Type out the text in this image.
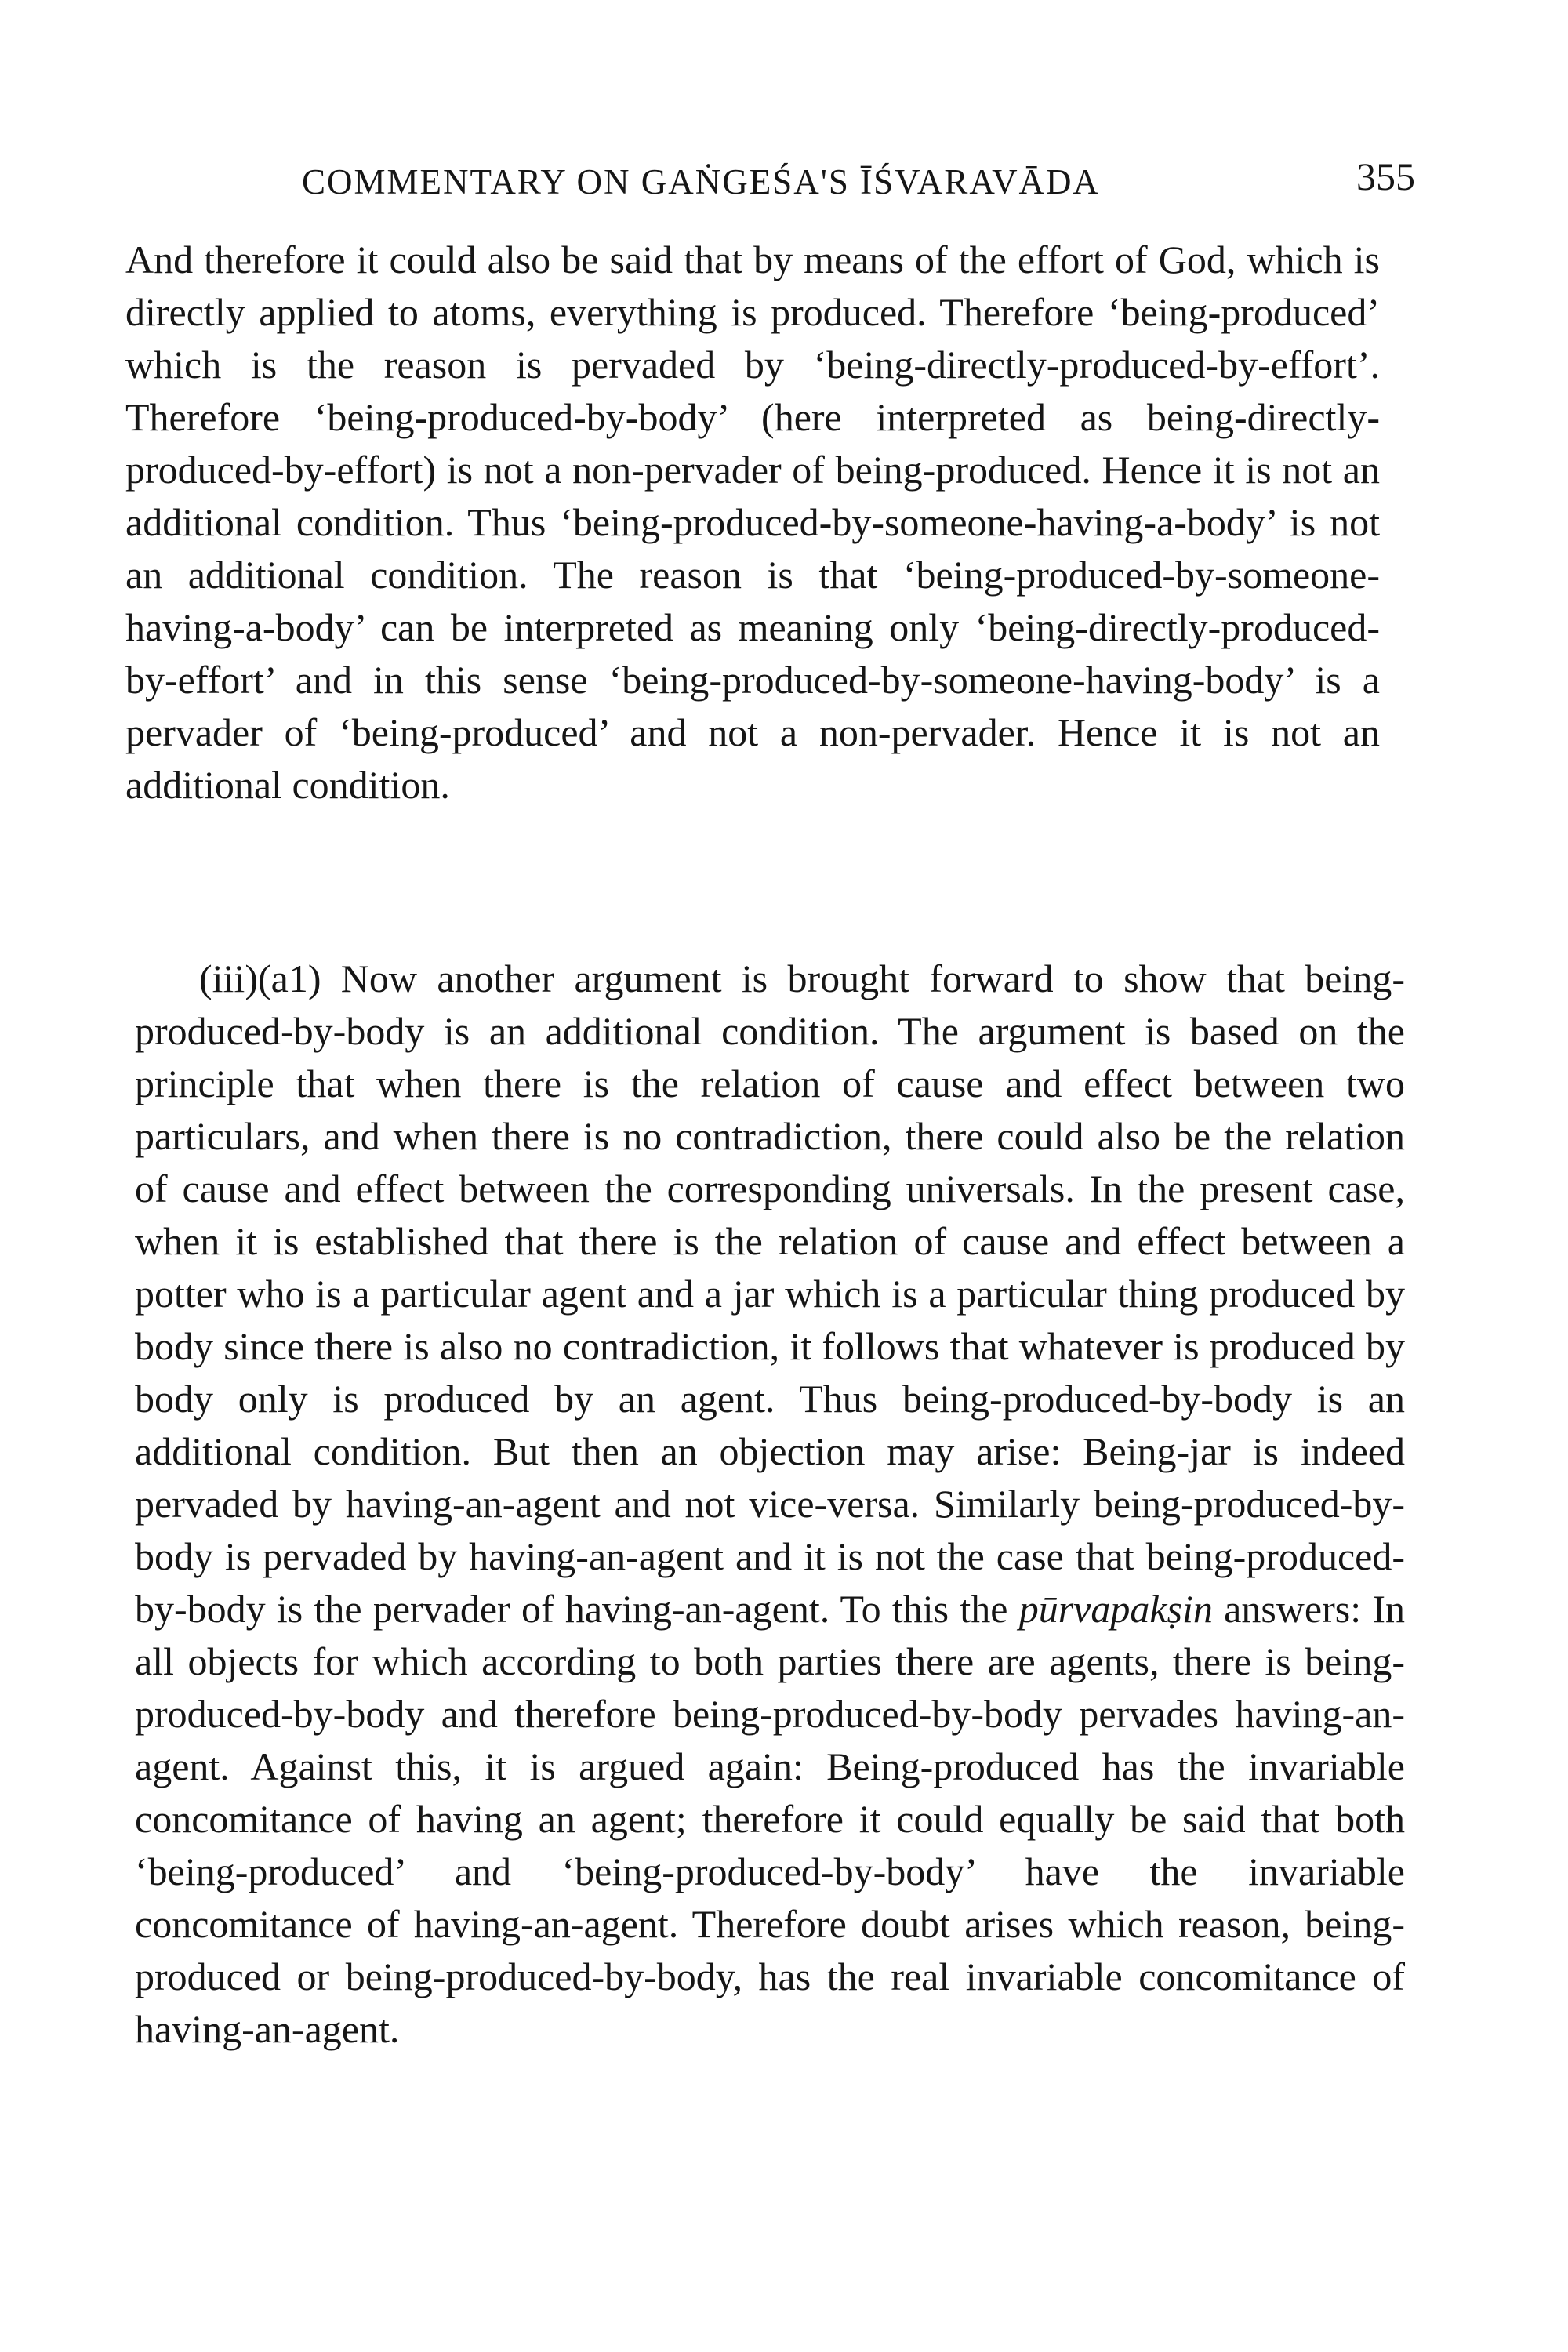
COMMENTARY ON GAṄGEŚA'S ĪŚVARAVĀDA	355

And therefore it could also be said that by means of the effort of God, which is directly applied to atoms, everything is produced. Therefore ‘being-produced’ which is the reason is pervaded by ‘being-directly-produced-by-effort’. Therefore ‘being-produced-by-body’ (here interpreted as being-directly-produced-by-effort) is not a non-pervader of being-produced. Hence it is not an additional condition. Thus ‘being-produced-by-someone-having-a-body’ is not an additional condition. The reason is that ‘being-produced-by-someone-having-a-body’ can be interpreted as meaning only ‘being-directly-produced-by-effort’ and in this sense ‘being-produced-by-someone-having-body’ is a pervader of ‘being-produced’ and not a non-pervader. Hence it is not an additional condition.

(iii)(a1) Now another argument is brought forward to show that being-produced-by-body is an additional condition. The argument is based on the principle that when there is the relation of cause and effect between two particulars, and when there is no contradiction, there could also be the relation of cause and effect between the corresponding universals. In the present case, when it is established that there is the relation of cause and effect between a potter who is a particular agent and a jar which is a particular thing produced by body since there is also no contradiction, it follows that whatever is produced by body only is produced by an agent. Thus being-produced-by-body is an additional condition. But then an objection may arise: Being-jar is indeed pervaded by having-an-agent and not vice-versa. Similarly being-produced-by-body is pervaded by having-an-agent and it is not the case that being-produced-by-body is the pervader of having-an-agent. To this the pūrvapakṣin answers: In all objects for which according to both parties there are agents, there is being-produced-by-body and therefore being-produced-by-body pervades having-an-agent. Against this, it is argued again: Being-produced has the invariable concomitance of having an agent; therefore it could equally be said that both ‘being-produced’ and ‘being-produced-by-body’ have the invariable concomitance of having-an-agent. Therefore doubt arises which reason, being-produced or being-produced-by-body, has the real invariable concomitance of having-an-agent.
